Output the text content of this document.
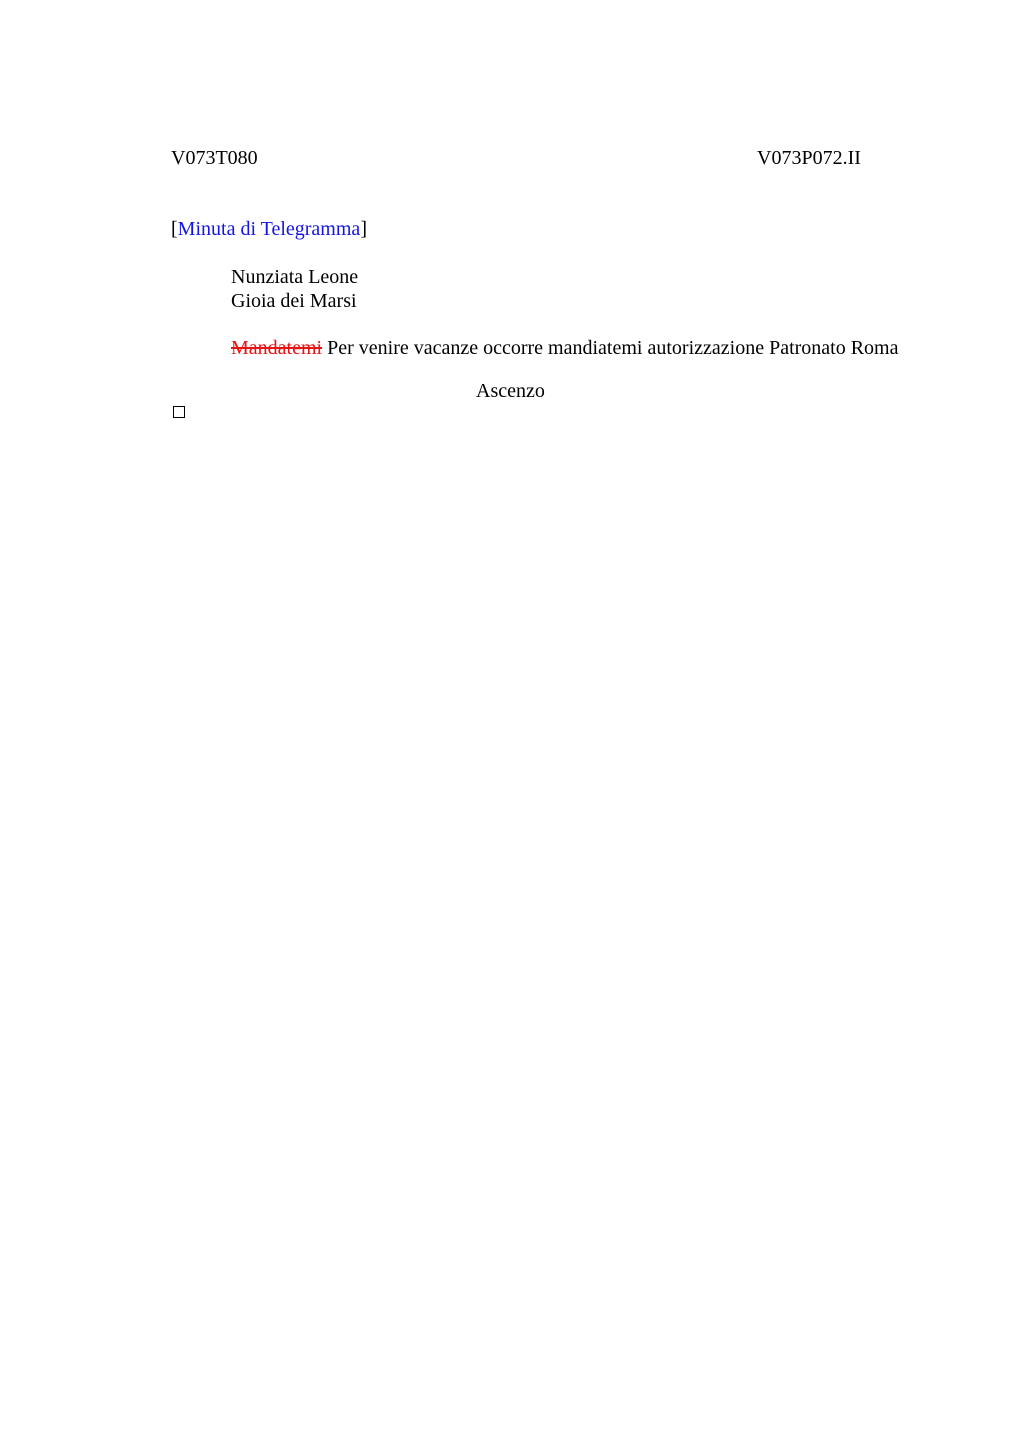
V073T080	V073P072.II
[Minuta di Telegramma]
Nunziata Leone
Gioia dei Marsi
Mandatemi Per venire vacanze occorre mandiatemi autorizzazione Patronato Roma
Ascenzo
